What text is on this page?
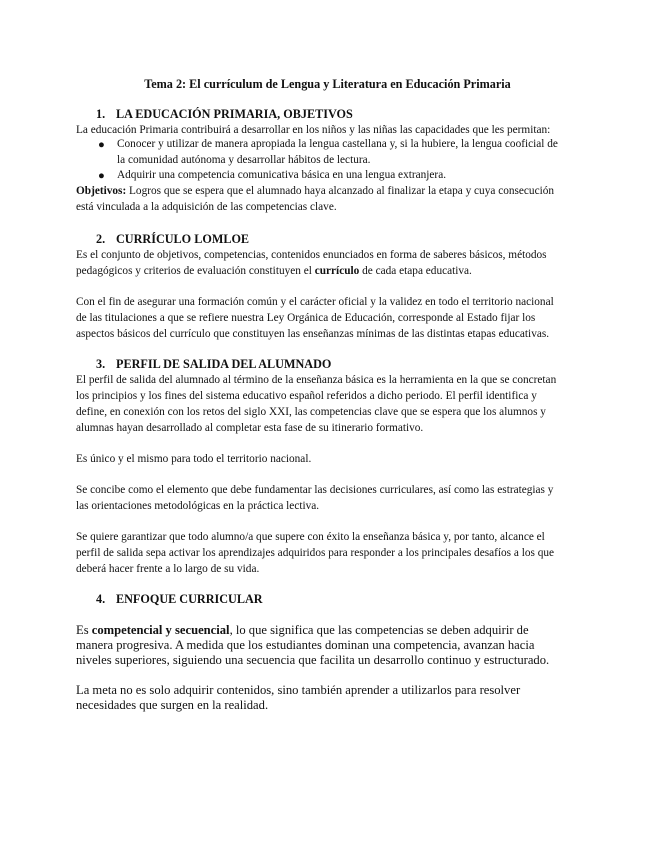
Tema 2: El currículum de Lengua y Literatura en Educación Primaria
1. LA EDUCACIÓN PRIMARIA, OBJETIVOS
La educación Primaria contribuirá a desarrollar en los niños y las niñas las capacidades que les permitan:
● Conocer y utilizar de manera apropiada la lengua castellana y, si la hubiere, la lengua cooficial de
la comunidad autónoma y desarrollar hábitos de lectura.
● Adquirir una competencia comunicativa básica en una lengua extranjera.
Objetivos: Logros que se espera que el alumnado haya alcanzado al finalizar la etapa y cuya consecución
está vinculada a la adquisición de las competencias clave.
2. CURRÍCULO LOMLOE
Es el conjunto de objetivos, competencias, contenidos enunciados en forma de saberes básicos, métodos
pedagógicos y criterios de evaluación constituyen el currículo de cada etapa educativa.
Con el fin de asegurar una formación común y el carácter oficial y la validez en todo el territorio nacional
de las titulaciones a que se refiere nuestra Ley Orgánica de Educación, corresponde al Estado fijar los
aspectos básicos del currículo que constituyen las enseñanzas mínimas de las distintas etapas educativas.
3. PERFIL DE SALIDA DEL ALUMNADO
El perfil de salida del alumnado al término de la enseñanza básica es la herramienta en la que se concretan
los principios y los fines del sistema educativo español referidos a dicho periodo. El perfil identifica y
define, en conexión con los retos del siglo XXI, las competencias clave que se espera que los alumnos y
alumnas hayan desarrollado al completar esta fase de su itinerario formativo.
Es único y el mismo para todo el territorio nacional.
Se concibe como el elemento que debe fundamentar las decisiones curriculares, así como las estrategias y
las orientaciones metodológicas en la práctica lectiva.
Se quiere garantizar que todo alumno/a que supere con éxito la enseñanza básica y, por tanto, alcance el
perfil de salida sepa activar los aprendizajes adquiridos para responder a los principales desafíos a los que
deberá hacer frente a lo largo de su vida.
4. ENFOQUE CURRICULAR
Es competencial y secuencial, lo que significa que las competencias se deben adquirir de
manera progresiva. A medida que los estudiantes dominan una competencia, avanzan hacia
niveles superiores, siguiendo una secuencia que facilita un desarrollo continuo y estructurado.
La meta no es solo adquirir contenidos, sino también aprender a utilizarlos para resolver
necesidades que surgen en la realidad.
